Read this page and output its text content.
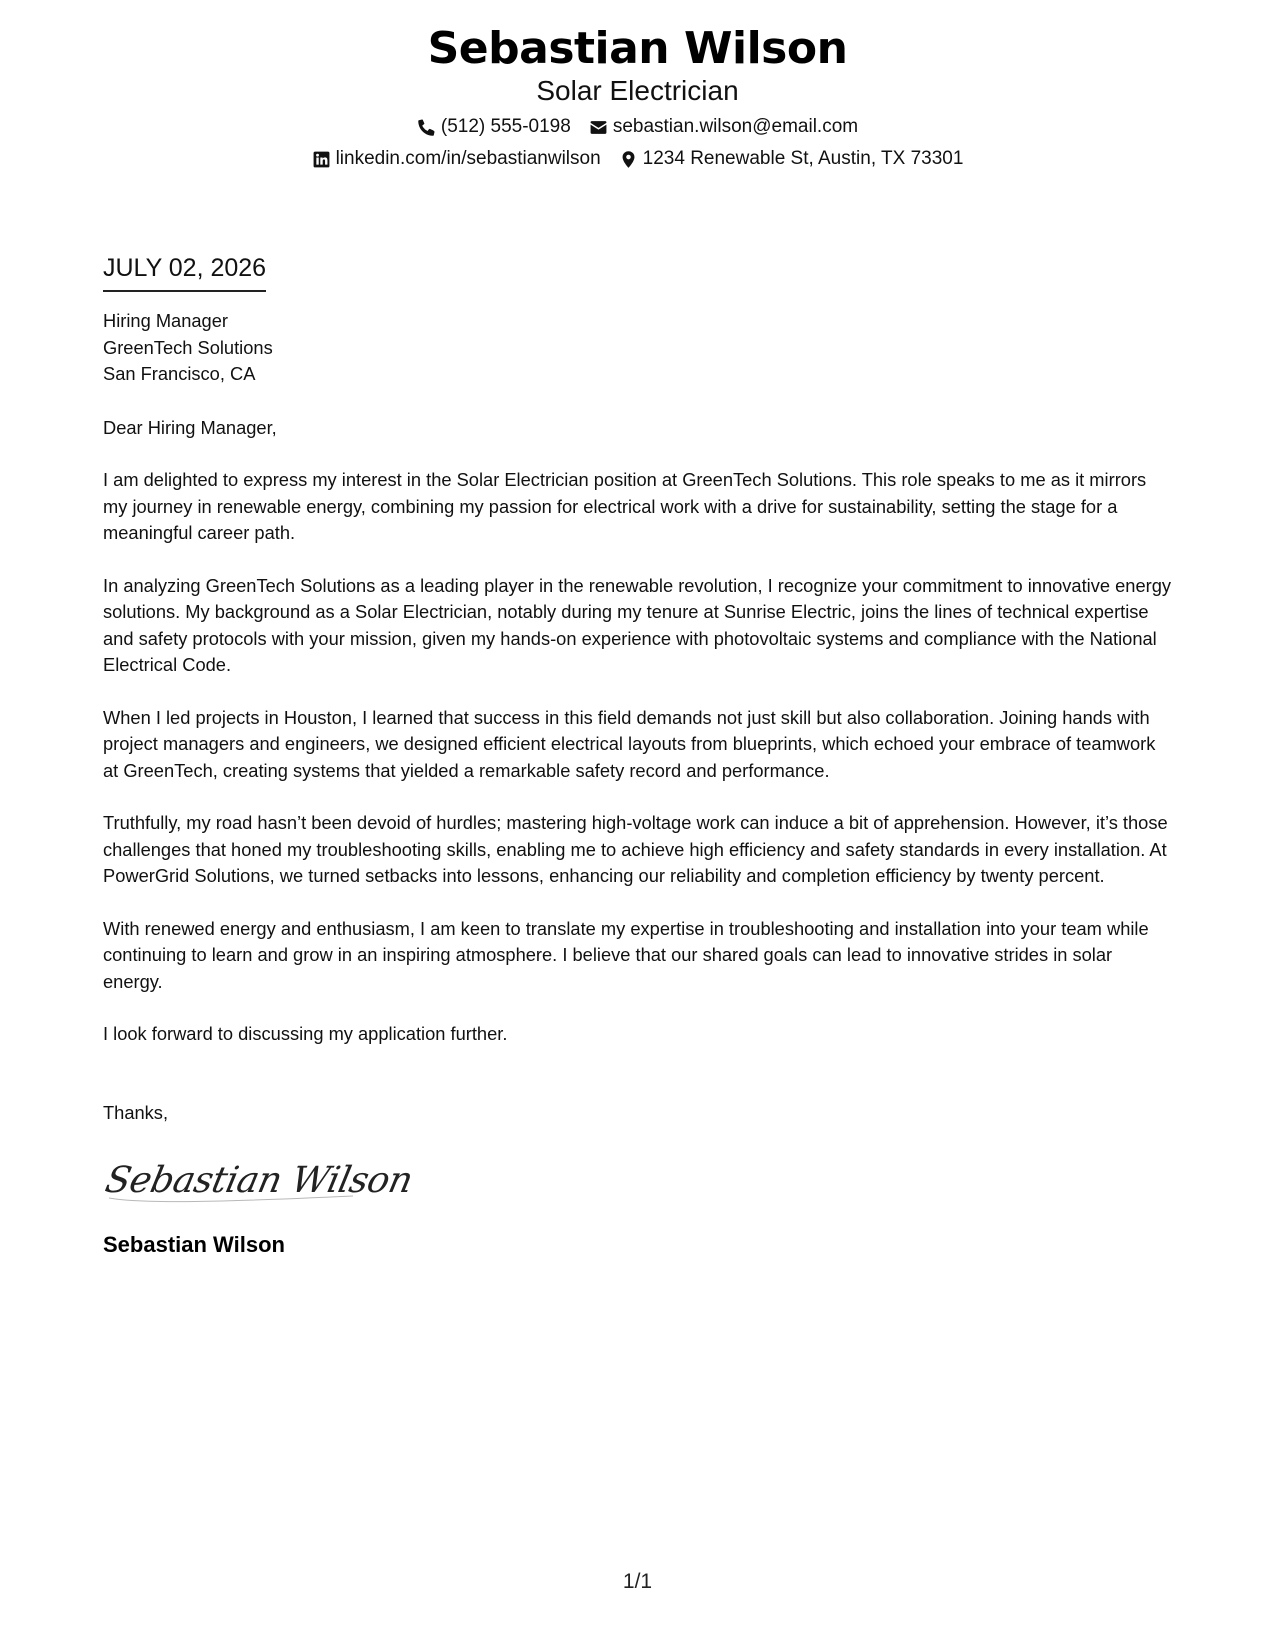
Sebastian Wilson
Solar Electrician
(512) 555-0198 sebastian.wilson@email.com
linkedin.com/in/sebastianwilson 1234 Renewable St, Austin, TX 73301
JULY 02, 2026
Hiring Manager
GreenTech Solutions
San Francisco, CA
Dear Hiring Manager,
I am delighted to express my interest in the Solar Electrician position at GreenTech Solutions. This role speaks to me as it mirrors my journey in renewable energy, combining my passion for electrical work with a drive for sustainability, setting the stage for a meaningful career path.
In analyzing GreenTech Solutions as a leading player in the renewable revolution, I recognize your commitment to innovative energy solutions. My background as a Solar Electrician, notably during my tenure at Sunrise Electric, joins the lines of technical expertise and safety protocols with your mission, given my hands-on experience with photovoltaic systems and compliance with the National Electrical Code.
When I led projects in Houston, I learned that success in this field demands not just skill but also collaboration. Joining hands with project managers and engineers, we designed efficient electrical layouts from blueprints, which echoed your embrace of teamwork at GreenTech, creating systems that yielded a remarkable safety record and performance.
Truthfully, my road hasn’t been devoid of hurdles; mastering high-voltage work can induce a bit of apprehension. However, it’s those challenges that honed my troubleshooting skills, enabling me to achieve high efficiency and safety standards in every installation. At PowerGrid Solutions, we turned setbacks into lessons, enhancing our reliability and completion efficiency by twenty percent.
With renewed energy and enthusiasm, I am keen to translate my expertise in troubleshooting and installation into your team while continuing to learn and grow in an inspiring atmosphere. I believe that our shared goals can lead to innovative strides in solar energy.
I look forward to discussing my application further.
Thanks,
Sebastian Wilson
Sebastian Wilson
1/1
